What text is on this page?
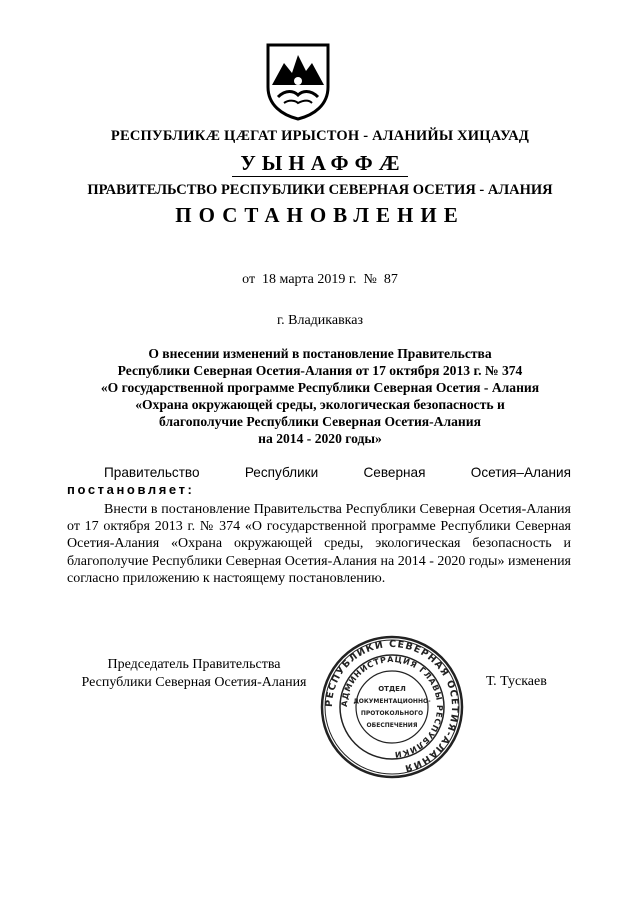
РЕСПУБЛИКӔ ЦӔГАТ ИРЫСТОН - АЛАНИЙЫ ХИЦАУАД
УЫНАФФӔ
ПРАВИТЕЛЬСТВО РЕСПУБЛИКИ СЕВЕРНАЯ ОСЕТИЯ - АЛАНИЯ
ПОСТАНОВЛЕНИЕ
от  18 марта 2019 г.  №  87
г. Владикавказ
О внесении изменений в постановление Правительства
Республики Северная Осетия-Алания от 17 октября 2013 г. № 374
«О государственной программе Республики Северная Осетия - Алания
«Охрана окружающей среды, экологическая безопасность и
благополучие Республики Северная Осетия-Алания
на 2014 - 2020 годы»
Правительство	Республики	Северная	Осетия–Алания
постановляет:
Внести в постановление Правительства Республики Северная Осетия-Алания от 17 октября 2013 г. № 374 «О государственной программе Республики Северная Осетия-Алания «Охрана окружающей среды, экологическая безопасность и благополучие Республики Северная Осетия-Алания на 2014 - 2020 годы» изменения согласно приложению к настоящему постановлению.
Председатель Правительства
Республики Северная Осетия-Алания
РЕСПУБЛИКИ СЕВЕРНАЯ ОСЕТИЯ-АЛАНИЯ
АДМИНИСТРАЦИЯ ГЛАВЫ РЕСПУБЛИКИ
ОТДЕЛ
ДОКУМЕНТАЦИОННО-
ПРОТОКОЛЬНОГО
ОБЕСПЕЧЕНИЯ
Т. Тускаев
